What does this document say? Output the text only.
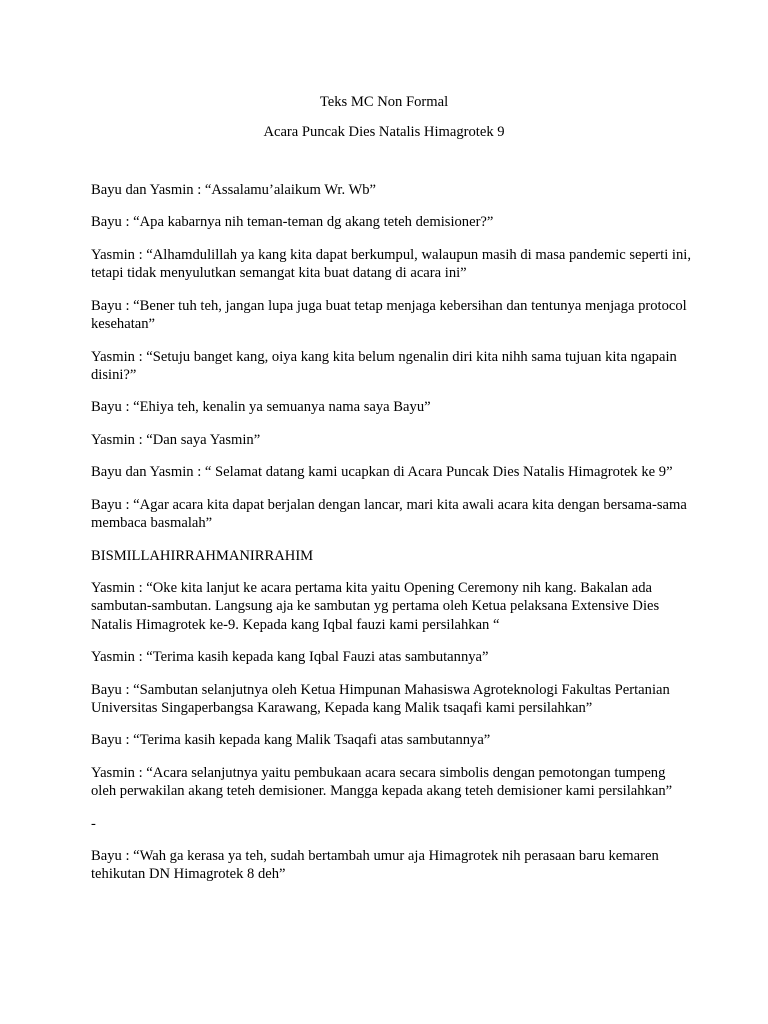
Teks MC Non Formal
Acara Puncak Dies Natalis Himagrotek 9

Bayu dan Yasmin : “Assalamu’alaikum Wr. Wb”

Bayu : “Apa kabarnya nih teman-teman dg akang teteh demisioner?”

Yasmin : “Alhamdulillah ya kang kita dapat berkumpul, walaupun masih di masa pandemic seperti ini, tetapi tidak menyulutkan semangat kita buat datang di acara ini”

Bayu : “Bener tuh teh, jangan lupa juga buat tetap menjaga kebersihan dan tentunya menjaga protocol kesehatan”

Yasmin : “Setuju banget kang, oiya kang kita belum ngenalin diri kita nihh sama tujuan kita ngapain disini?”

Bayu : “Ehiya teh, kenalin ya semuanya nama saya Bayu”

Yasmin : “Dan saya Yasmin”

Bayu dan Yasmin : “ Selamat datang kami ucapkan di Acara Puncak Dies Natalis Himagrotek ke 9”

Bayu : “Agar acara kita dapat berjalan dengan lancar, mari kita awali acara kita dengan bersama-sama membaca basmalah”

BISMILLAHIRRAHMANIRRAHIM

Yasmin : “Oke kita lanjut ke acara pertama kita yaitu Opening Ceremony nih kang. Bakalan ada sambutan-sambutan. Langsung aja ke sambutan yg pertama oleh Ketua pelaksana Extensive Dies Natalis Himagrotek ke-9. Kepada kang Iqbal fauzi kami persilahkan “

Yasmin : “Terima kasih kepada kang Iqbal Fauzi atas sambutannya”

Bayu : “Sambutan selanjutnya oleh Ketua Himpunan Mahasiswa Agroteknologi Fakultas Pertanian Universitas Singaperbangsa Karawang, Kepada kang Malik tsaqafi kami persilahkan”

Bayu : “Terima kasih kepada kang Malik Tsaqafi atas sambutannya”

Yasmin : “Acara selanjutnya yaitu pembukaan acara secara simbolis dengan pemotongan tumpeng oleh perwakilan akang teteh demisioner. Mangga kepada akang teteh demisioner kami persilahkan”

-

Bayu : “Wah ga kerasa ya teh, sudah bertambah umur aja Himagrotek nih perasaan baru kemaren tehikutan DN Himagrotek 8 deh”
